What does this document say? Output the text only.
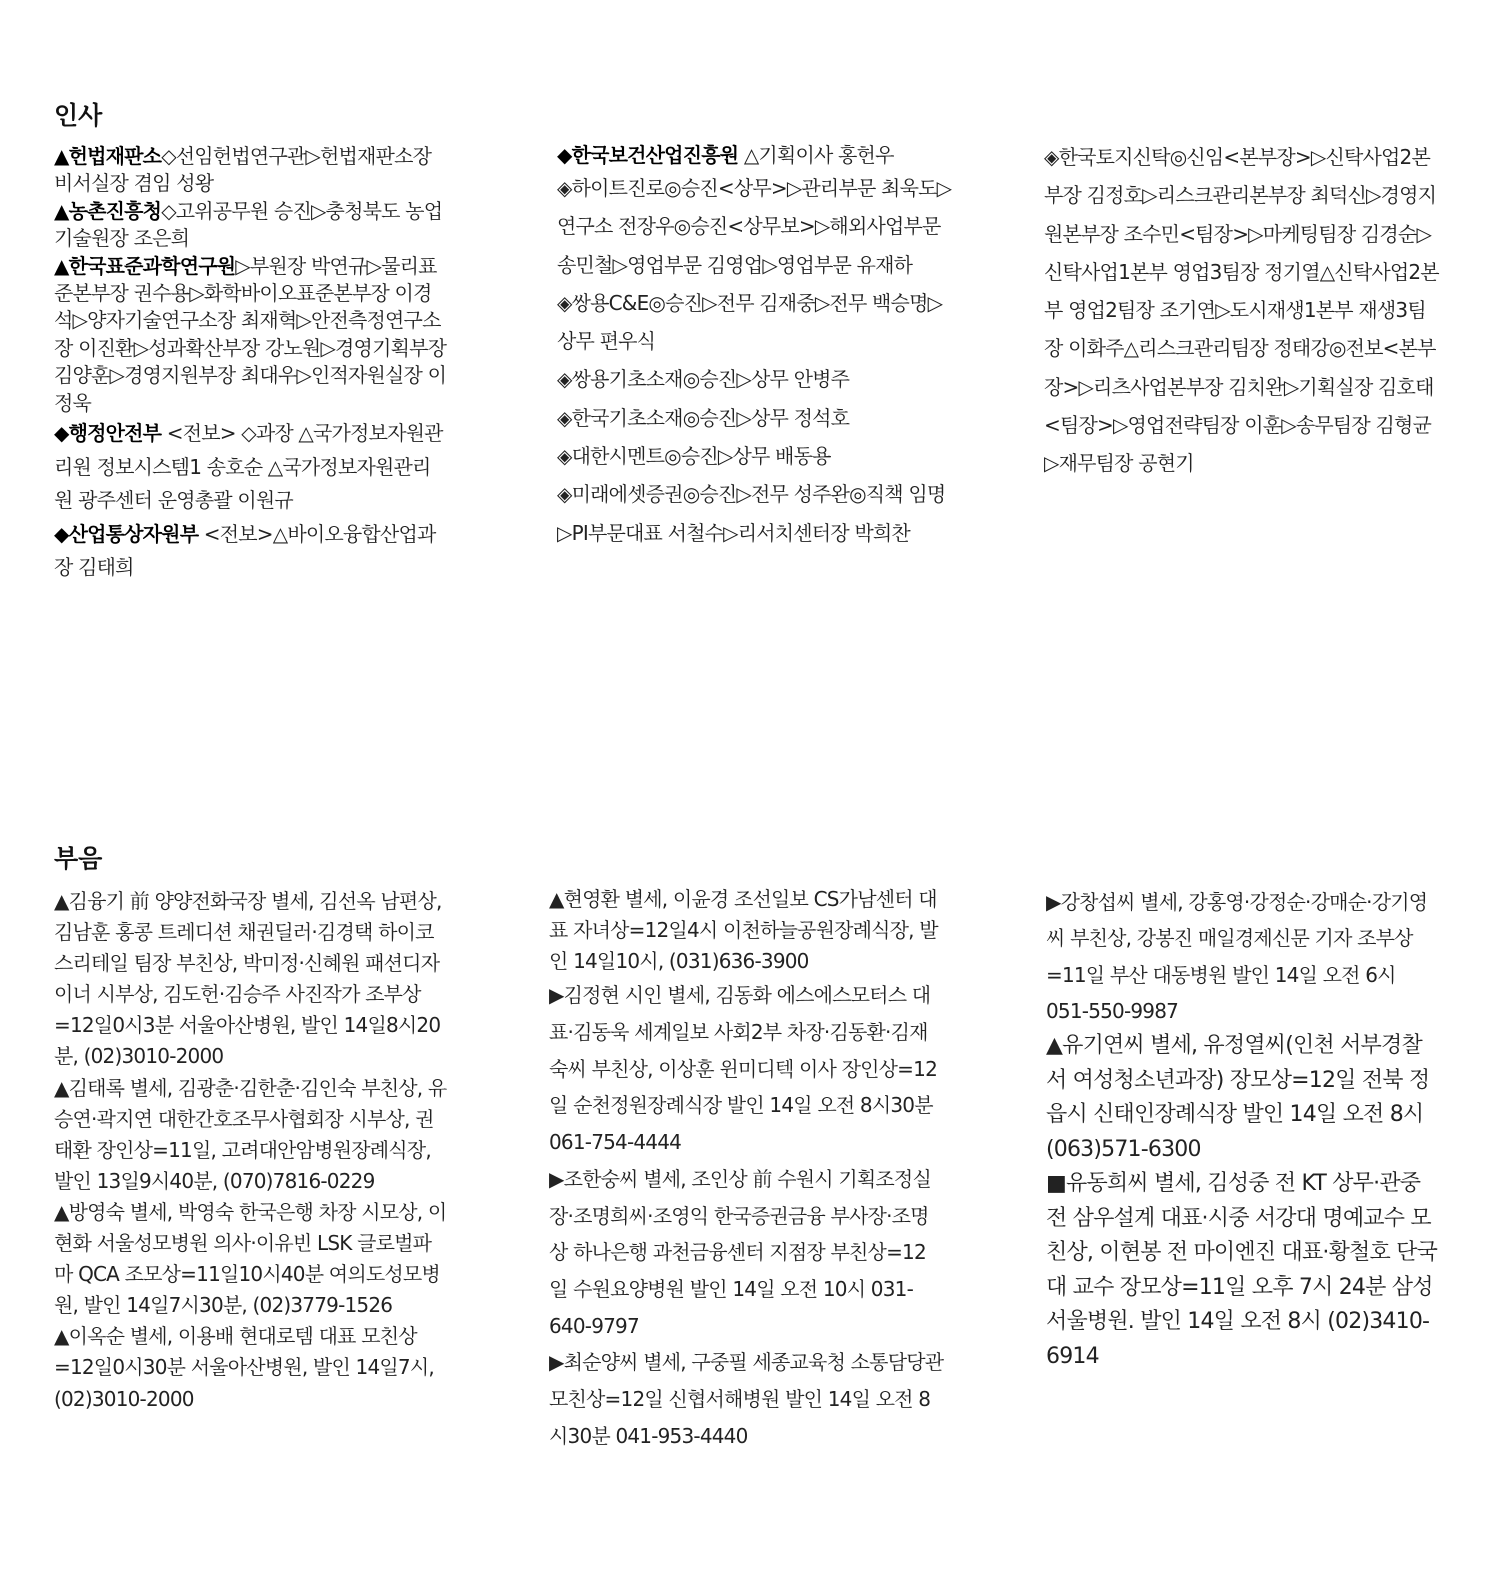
인사

▲헌법재판소◇선임헌법연구관▷헌법재판소장 비서실장 겸임 성왕

▲농촌진흥청◇고위공무원 승진▷충청북도 농업기술원장 조은희

▲한국표준과학연구원▷부원장 박연규▷물리표준본부장 권수용▷화학바이오표준본부장 이경석▷양자기술연구소장 최재혁▷안전측정연구소장 이진환▷성과확산부장 강노원▷경영기획부장 김양훈▷경영지원부장 최대우▷인적자원실장 이정욱

◆행정안전부 <전보> ◇과장 △국가정보자원관리원 정보시스템1 송호순 △국가정보자원관리원 광주센터 운영총괄 이원규

◆산업통상자원부 <전보>△바이오융합산업과장 김태희

◆한국보건산업진흥원 △기획이사 홍헌우

◈하이트진로◎승진<상무>▷관리부문 최욱도▷연구소 전장우◎승진<상무보>▷해외사업부문 송민철▷영업부문 김영업▷영업부문 유재하

◈쌍용C&E◎승진▷전무 김재중▷전무 백승명▷상무 편우식

◈쌍용기초소재◎승진▷상무 안병주

◈한국기초소재◎승진▷상무 정석호

◈대한시멘트◎승진▷상무 배동용

◈미래에셋증권◎승진▷전무 성주완◎직책 임명▷PI부문대표 서철수▷리서치센터장 박희찬

◈한국토지신탁◎신임<본부장>▷신탁사업2본부장 김정호▷리스크관리본부장 최덕신▷경영지원본부장 조수민<팀장>▷마케팅팀장 김경순▷신탁사업1본부 영업3팀장 정기열△신탁사업2본부 영업2팀장 조기연▷도시재생1본부 재생3팀장 이화주△리스크관리팀장 정태강◎전보<본부장>▷리츠사업본부장 김치완▷기획실장 김호태<팀장>▷영업전략팀장 이훈▷송무팀장 김형균▷재무팀장 공현기

부음

▲김융기 前 양양전화국장 별세, 김선옥 남편상, 김남훈 홍콩 트레디션 채권딜러·김경택 하이코스리테일 팀장 부친상, 박미정·신혜원 패션디자이너 시부상, 김도헌·김승주 사진작가 조부상=12일0시3분 서울아산병원, 발인 14일8시20분, (02)3010-2000

▲김태록 별세, 김광춘·김한춘·김인숙 부친상, 유승연·곽지연 대한간호조무사협회장 시부상, 권태환 장인상=11일, 고려대안암병원장례식장, 발인 13일9시40분, (070)7816-0229

▲방영숙 별세, 박영숙 한국은행 차장 시모상, 이현화 서울성모병원 의사·이유빈 LSK 글로벌파마 QCA 조모상=11일10시40분 여의도성모병원, 발인 14일7시30분, (02)3779-1526

▲이옥순 별세, 이용배 현대로템 대표 모친상=12일0시30분 서울아산병원, 발인 14일7시, (02)3010-2000

▲현영환 별세, 이윤경 조선일보 CS가남센터 대표 자녀상=12일4시 이천하늘공원장례식장, 발인 14일10시, (031)636-3900

▶김정현 시인 별세, 김동화 에스에스모터스 대표·김동욱 세계일보 사회2부 차장·김동환·김재숙씨 부친상, 이상훈 윈미디텍 이사 장인상=12일 순천정원장례식장 발인 14일 오전 8시30분 061-754-4444

▶조한숭씨 별세, 조인상 前 수원시 기획조정실장·조명희씨·조영익 한국증권금융 부사장·조명상 하나은행 과천금융센터 지점장 부친상=12일 수원요양병원 발인 14일 오전 10시 031-640-9797

▶최순양씨 별세, 구중필 세종교육청 소통담당관 모친상=12일 신협서해병원 발인 14일 오전 8시30분 041-953-4440

▶강창섭씨 별세, 강홍영·강정순·강매순·강기영씨 부친상, 강봉진 매일경제신문 기자 조부상=11일 부산 대동병원 발인 14일 오전 6시 051-550-9987

▲유기연씨 별세, 유정열씨(인천 서부경찰서 여성청소년과장) 장모상=12일 전북 정읍시 신태인장례식장 발인 14일 오전 8시 (063)571-6300

■유동희씨 별세, 김성중 전 KT 상무·관중 전 삼우설계 대표·시중 서강대 명예교수 모친상, 이현봉 전 마이엔진 대표·황철호 단국대 교수 장모상=11일 오후 7시 24분 삼성서울병원. 발인 14일 오전 8시 (02)3410-6914
